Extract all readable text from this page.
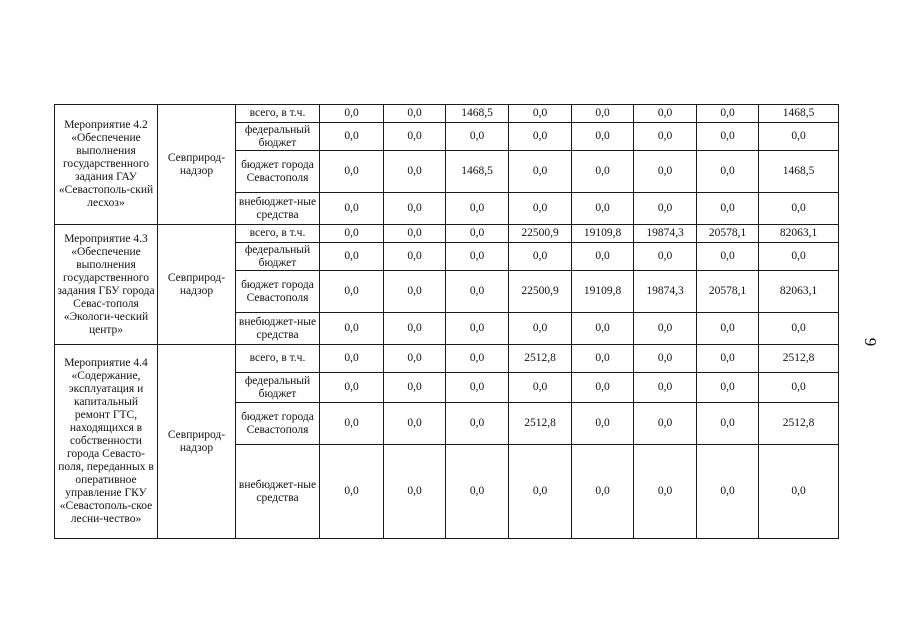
Мероприятие 4.2 «Обеспечение выполнения государственного задания ГАУ «Севастополь-ский лесхоз»	Севприрод-надзор	всего, в т.ч.	0,0	0,0	1468,5	0,0	0,0	0,0	0,0	1468,5
		федеральный бюджет	0,0	0,0	0,0	0,0	0,0	0,0	0,0	0,0
		бюджет города Севастополя	0,0	0,0	1468,5	0,0	0,0	0,0	0,0	1468,5
		внебюджет-ные средства	0,0	0,0	0,0	0,0	0,0	0,0	0,0	0,0
Мероприятие 4.3 «Обеспечение выполнения государственного задания ГБУ города Севас-тополя «Экологи-ческий центр»	Севприрод-надзор	всего, в т.ч.	0,0	0,0	0,0	22500,9	19109,8	19874,3	20578,1	82063,1
		федеральный бюджет	0,0	0,0	0,0	0,0	0,0	0,0	0,0	0,0
		бюджет города Севастополя	0,0	0,0	0,0	22500,9	19109,8	19874,3	20578,1	82063,1
		внебюджет-ные средства	0,0	0,0	0,0	0,0	0,0	0,0	0,0	0,0
Мероприятие 4.4 «Содержание, эксплуатация и капитальный ремонт ГТС, находящихся в собственности города Севасто-поля, переданных в оперативное управление ГКУ «Севастополь-ское лесни-чество»	Севприрод-надзор	всего, в т.ч.	0,0	0,0	0,0	2512,8	0,0	0,0	0,0	2512,8
		федеральный бюджет	0,0	0,0	0,0	0,0	0,0	0,0	0,0	0,0
		бюджет города Севастополя	0,0	0,0	0,0	2512,8	0,0	0,0	0,0	2512,8
		внебюджет-ные средства	0,0	0,0	0,0	0,0	0,0	0,0	0,0	0,0
9
